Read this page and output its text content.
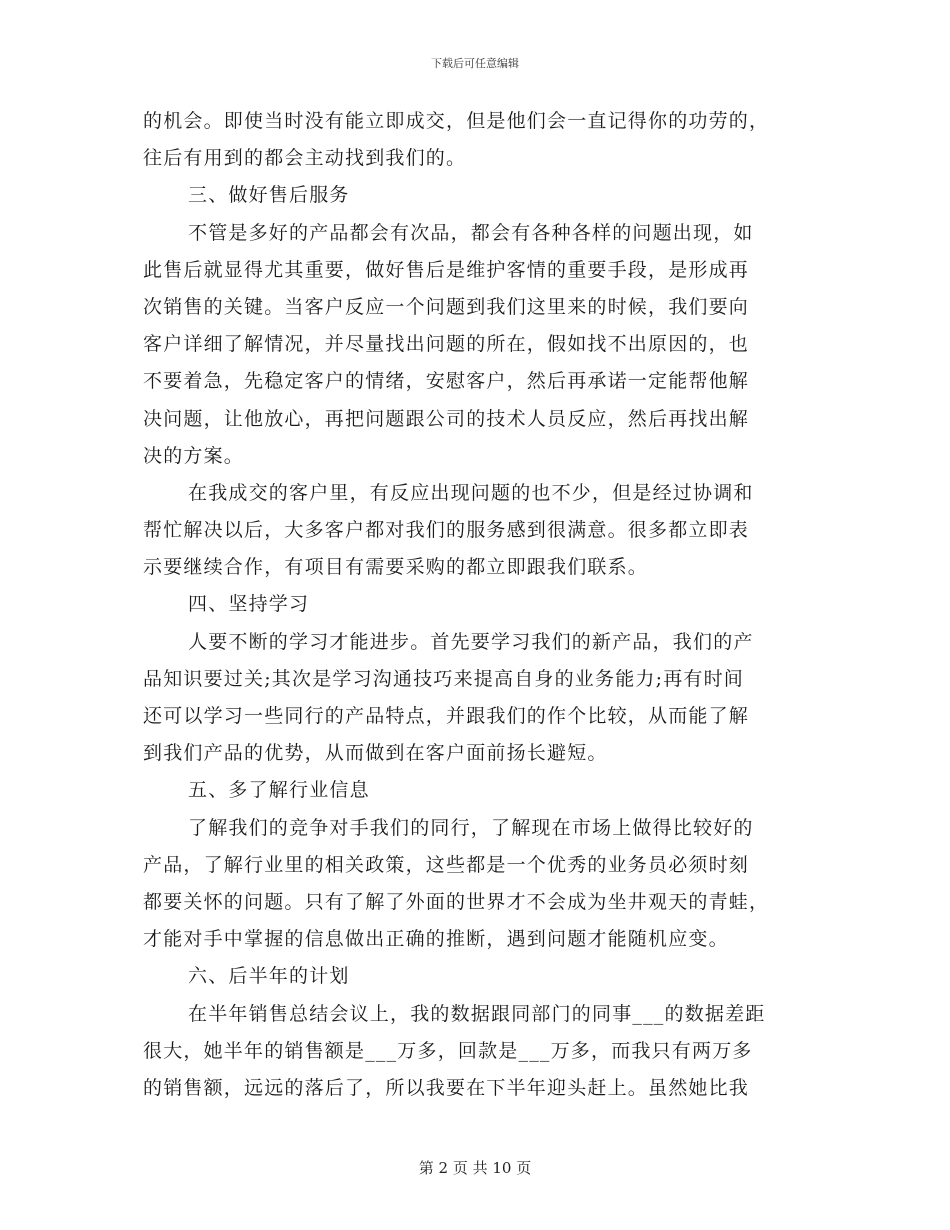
下载后可任意编辑
的机会。即使当时没有能立即成交，但是他们会一直记得你的功劳的，
往后有用到的都会主动找到我们的。
三、做好售后服务
不管是多好的产品都会有次品，都会有各种各样的问题出现，如
此售后就显得尤其重要，做好售后是维护客情的重要手段，是形成再
次销售的关键。当客户反应一个问题到我们这里来的时候，我们要向
客户详细了解情况，并尽量找出问题的所在，假如找不出原因的，也
不要着急，先稳定客户的情绪，安慰客户，然后再承诺一定能帮他解
决问题，让他放心，再把问题跟公司的技术人员反应，然后再找出解
决的方案。
在我成交的客户里，有反应出现问题的也不少，但是经过协调和
帮忙解决以后，大多客户都对我们的服务感到很满意。很多都立即表
示要继续合作，有项目有需要采购的都立即跟我们联系。
四、坚持学习
人要不断的学习才能进步。首先要学习我们的新产品，我们的产
品知识要过关;其次是学习沟通技巧来提高自身的业务能力;再有时间
还可以学习一些同行的产品特点，并跟我们的作个比较，从而能了解
到我们产品的优势，从而做到在客户面前扬长避短。
五、多了解行业信息
了解我们的竞争对手我们的同行，了解现在市场上做得比较好的
产品，了解行业里的相关政策，这些都是一个优秀的业务员必须时刻
都要关怀的问题。只有了解了外面的世界才不会成为坐井观天的青蛙，
才能对手中掌握的信息做出正确的推断，遇到问题才能随机应变。
六、后半年的计划
在半年销售总结会议上，我的数据跟同部门的同事___的数据差距
很大，她半年的销售额是___万多，回款是___万多，而我只有两万多
的销售额，远远的落后了，所以我要在下半年迎头赶上。虽然她比我
第 2 页 共 10 页
